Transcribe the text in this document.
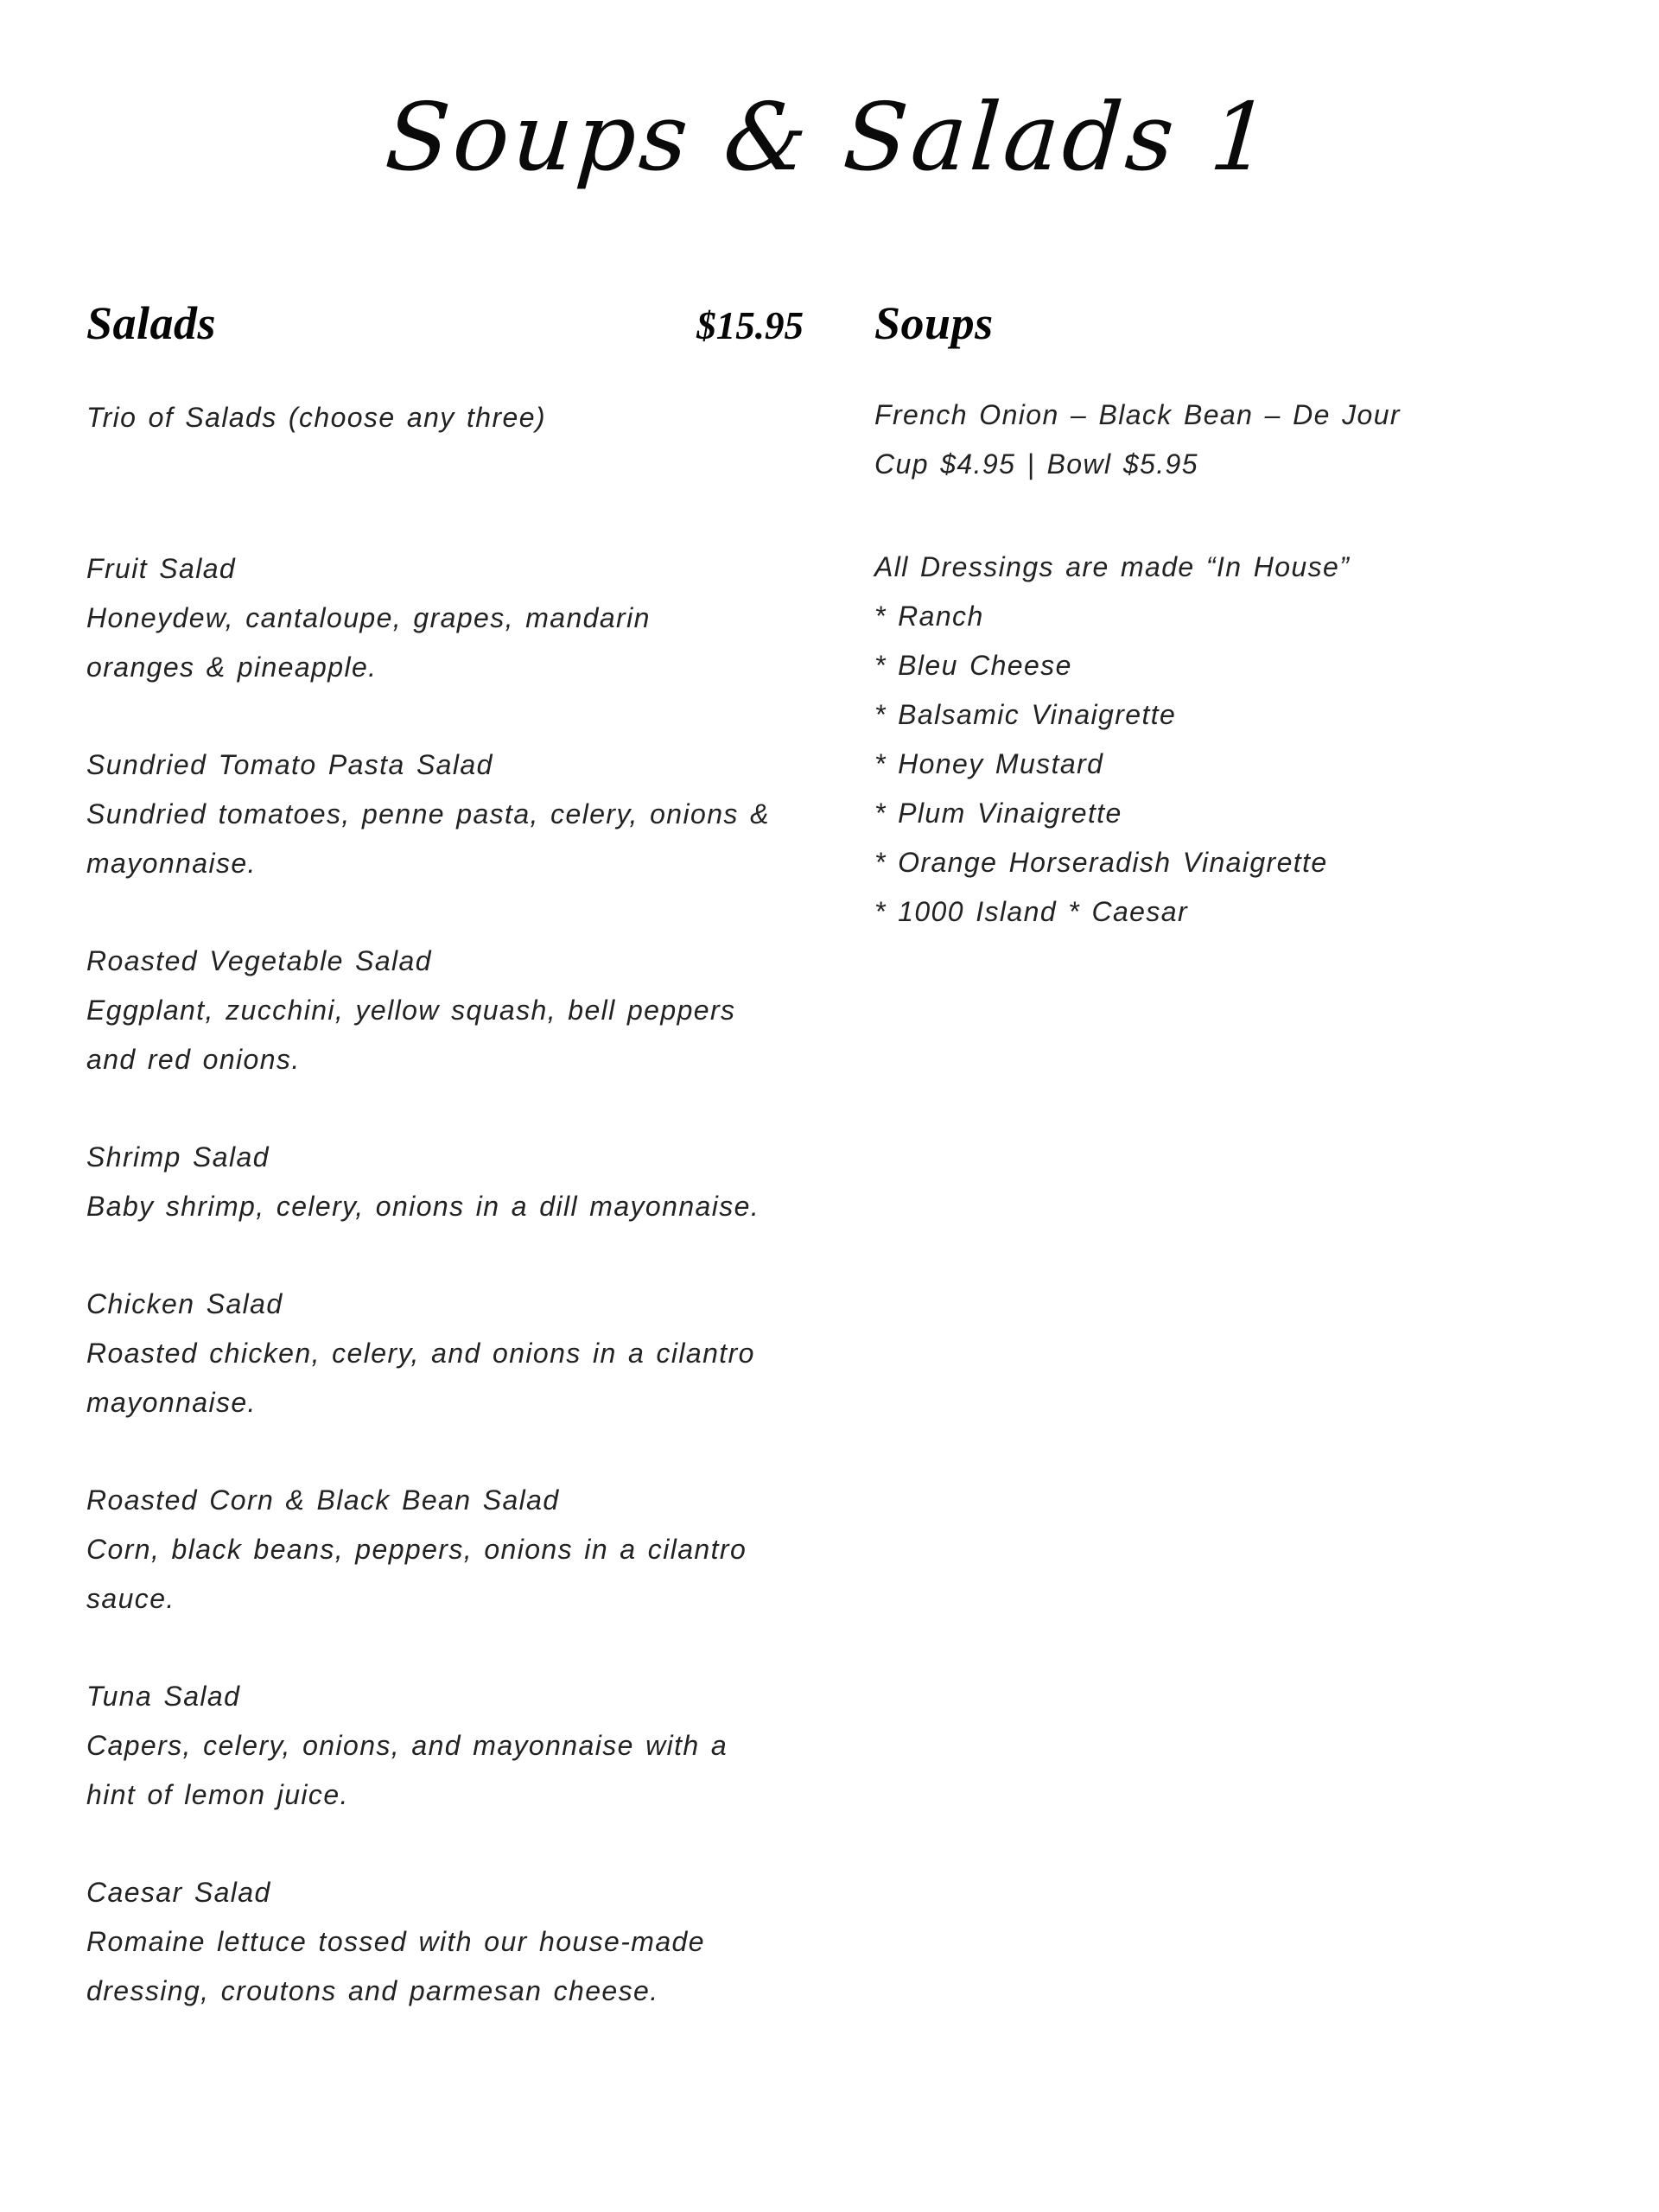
Soups & Salads 1
Salads	$15.95

Trio of Salads (choose any three)

Fruit Salad
Honeydew, cantaloupe, grapes, mandarin
oranges & pineapple.
Sundried Tomato Pasta Salad
Sundried tomatoes, penne pasta, celery, onions &
mayonnaise.
Roasted Vegetable Salad
Eggplant, zucchini, yellow squash, bell peppers
and red onions.
Shrimp Salad
Baby shrimp, celery, onions in a dill mayonnaise.
Chicken Salad
Roasted chicken, celery, and onions in a cilantro
mayonnaise.
Roasted Corn & Black Bean Salad
Corn, black beans, peppers, onions in a cilantro
sauce.
Tuna Salad
Capers, celery, onions, and mayonnaise with a
hint of lemon juice.
Caesar Salad
Romaine lettuce tossed with our house-made
dressing, croutons and parmesan cheese.
Soups

French Onion – Black Bean – De Jour

Cup $4.95 | Bowl $5.95

All Dressings are made “In House”
* Ranch
* Bleu Cheese
* Balsamic Vinaigrette
* Honey Mustard
* Plum Vinaigrette
* Orange Horseradish Vinaigrette
* 1000 Island * Caesar
